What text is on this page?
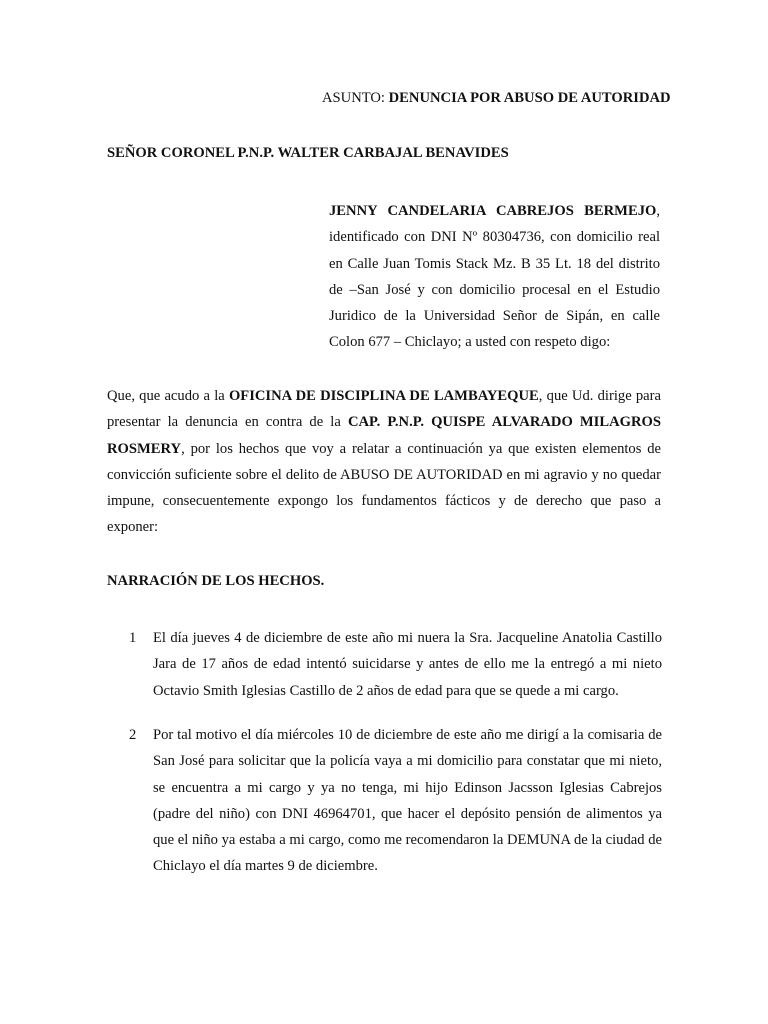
ASUNTO: DENUNCIA POR ABUSO DE AUTORIDAD
SEÑOR CORONEL P.N.P. WALTER CARBAJAL BENAVIDES
JENNY CANDELARIA CABREJOS BERMEJO, identificado con DNI Nº 80304736, con domicilio real en Calle Juan Tomis Stack Mz. B 35 Lt. 18 del distrito de –San José y con domicilio procesal en el Estudio Juridico de la Universidad Señor de Sipán, en calle Colon 677 – Chiclayo; a usted con respeto digo:
Que, que acudo a la OFICINA DE DISCIPLINA DE LAMBAYEQUE, que Ud. dirige para presentar la denuncia en contra de la CAP. P.N.P. QUISPE ALVARADO MILAGROS ROSMERY, por los hechos que voy a relatar a continuación ya que existen elementos de convicción suficiente sobre el delito de ABUSO DE AUTORIDAD en mi agravio y no quedar impune, consecuentemente expongo los fundamentos fácticos y de derecho que paso a exponer:
NARRACIÓN DE LOS HECHOS.
1 El día jueves 4 de diciembre de este año mi nuera la Sra. Jacqueline Anatolia Castillo Jara de 17 años de edad intentó suicidarse y antes de ello me la entregó a mi nieto Octavio Smith Iglesias Castillo de 2 años de edad para que se quede a mi cargo.
2 Por tal motivo el día miércoles 10 de diciembre de este año me dirigí a la comisaria de San José para solicitar que la policía vaya a mi domicilio para constatar que mi nieto, se encuentra a mi cargo y ya no tenga, mi hijo Edinson Jacsson Iglesias Cabrejos (padre del niño) con DNI 46964701, que hacer el depósito pensión de alimentos ya que el niño ya estaba a mi cargo, como me recomendaron la DEMUNA de la ciudad de Chiclayo el día martes 9 de diciembre.
